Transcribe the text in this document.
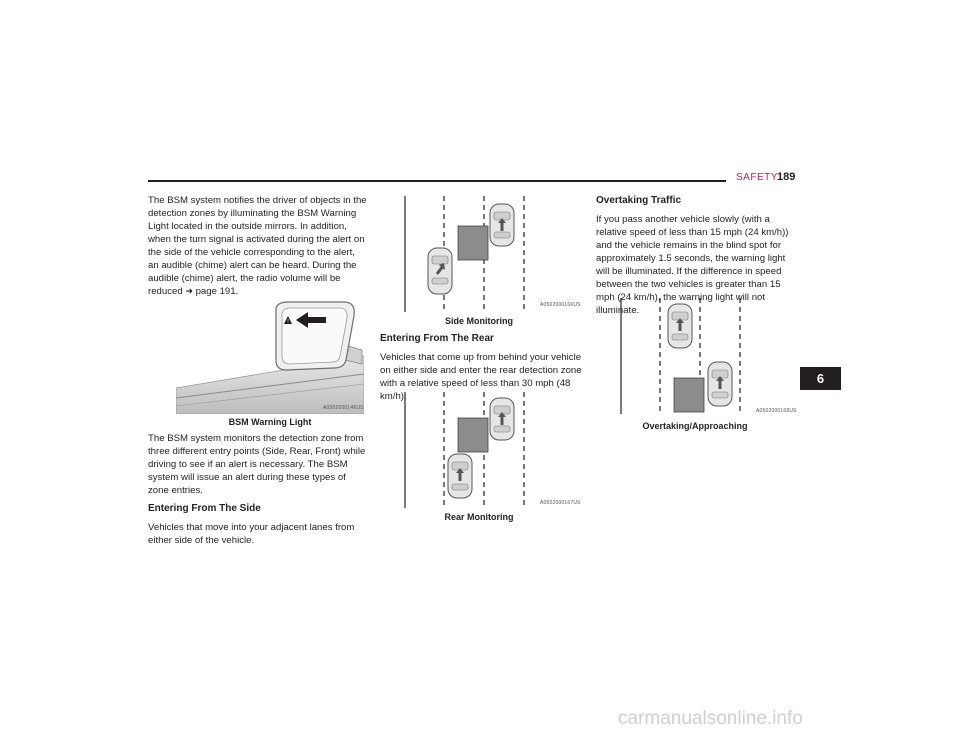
SAFETY 189

The BSM system notifies the driver of objects in the detection zones by illuminating the BSM Warning Light located in the outside mirrors. In addition, when the turn signal is activated during the alert on the side of the vehicle corresponding to the alert, an audible (chime) alert can be heard. During the audible (chime) alert, the radio volume will be reduced ➜ page 191.

!
A0502000146US
BSM Warning Light

The BSM system monitors the detection zone from three different entry points (Side, Rear, Front) while driving to see if an alert is necessary. The BSM system will issue an alert during these types of zone entries.

Entering From The Side

Vehicles that move into your adjacent lanes from either side of the vehicle.

A0502000166US
Side Monitoring
Entering From The Rear

Vehicles that come up from behind your vehicle on either side and enter the rear detection zone with a relative speed of less than 30 mph (48 km/h).

A0502000167US
Rear Monitoring
Overtaking Traffic

If you pass another vehicle slowly (with a relative speed of less than 15 mph (24 km/h)) and the vehicle remains in the blind spot for approximately 1.5 seconds, the warning light will be illuminated. If the difference in speed between the two vehicles is greater than 15 mph (24 km/h), the warning light will not illuminate.

A0502000168US
Overtaking/Approaching
6
carmanualsonline.info
